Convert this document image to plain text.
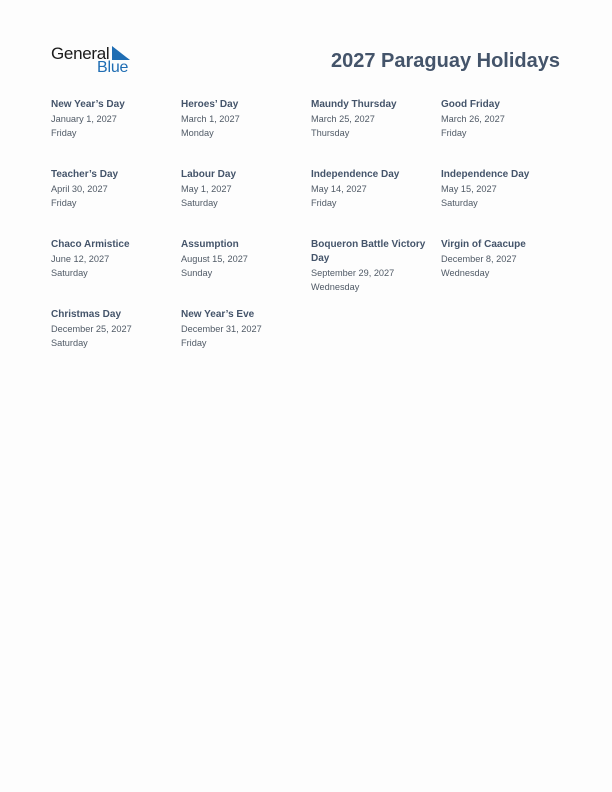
General
Blue	2027 Paraguay Holidays
New Year’s Day
January 1, 2027
Friday
Heroes’ Day
March 1, 2027
Monday
Maundy Thursday
March 25, 2027
Thursday
Good Friday
March 26, 2027
Friday
Teacher’s Day
April 30, 2027
Friday
Labour Day
May 1, 2027
Saturday
Independence Day
May 14, 2027
Friday
Independence Day
May 15, 2027
Saturday
Chaco Armistice
June 12, 2027
Saturday
Assumption
August 15, 2027
Sunday
Boqueron Battle Victory Day
September 29, 2027
Wednesday
Virgin of Caacupe
December 8, 2027
Wednesday
Christmas Day
December 25, 2027
Saturday
New Year’s Eve
December 31, 2027
Friday
